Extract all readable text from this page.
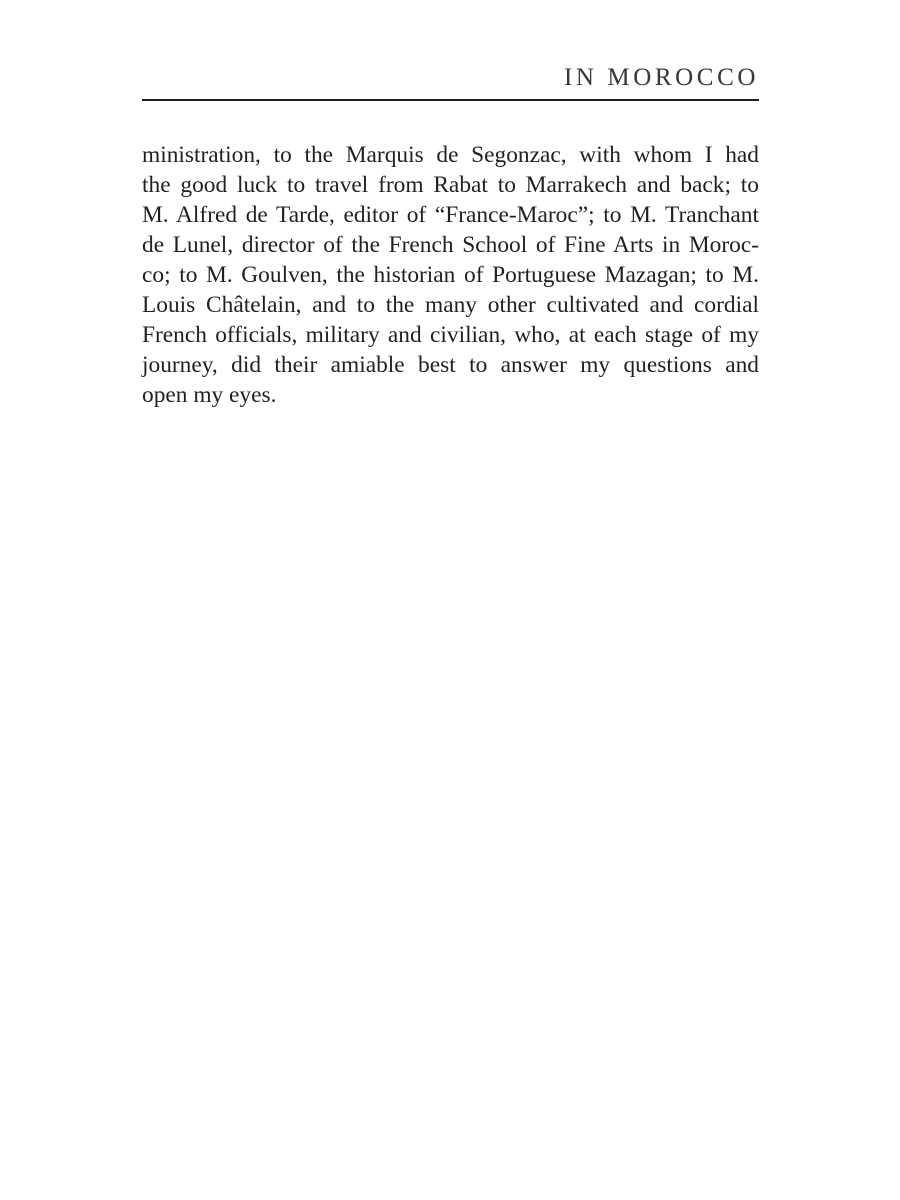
IN MOROCCO
ministration, to the Marquis de Segonzac, with whom I had
the good luck to travel from Rabat to Marrakech and back; to
M. Alfred de Tarde, editor of “France-Maroc”; to M. Tranchant
de Lunel, director of the French School of Fine Arts in Moroc-
co; to M. Goulven, the historian of Portuguese Mazagan; to M.
Louis Châtelain, and to the many other cultivated and cordial
French officials, military and civilian, who, at each stage of my
journey, did their amiable best to answer my questions and
open my eyes.
